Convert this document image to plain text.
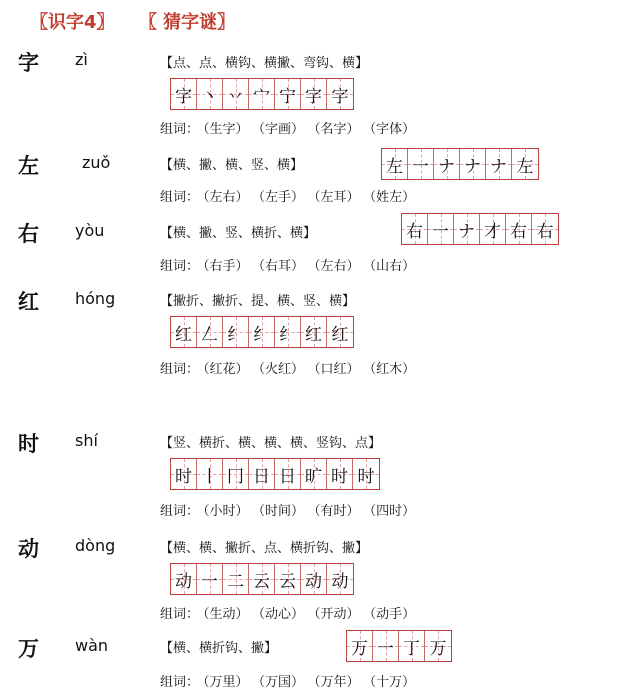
〖识字4〗 〖 猜字谜〗
字 zì	【点、点、横钩、横撇、弯钩、横】
字 丶 丷 宀 宁 字 字
组词： （生字） （字画） （名字） （字体）
左	zuǒ	【横、撇、横、竖、横】	左 一 ナ ナ ナ 左
组词： （左右） （左手） （左耳） （姓左）
右 yòu	【横、撇、竖、横折、横】	右 一 ナ 才 右 右
组词： （右手） （右耳） （左右） （山右）
红 hóng	【撇折、撇折、提、横、竖、横】
红 𠃋 纟 纟 纟 红 红
组词： （红花） （火红） （口红） （红木）
时 shí	【竖、横折、横、横、横、竖钩、点】
时 丨 冂 日 日 旷 时 时
组词： （小时） （时间） （有时） （四时）
动 dòng	【横、横、撇折、点、横折钩、撇】
动 一 二 云 云 动 动
组词： （生动） （动心） （开动） （动手）
万 wàn	【横、横折钩、撇】	万 一 丁 万
组词： （万里） （万国） （万年） （十万）
